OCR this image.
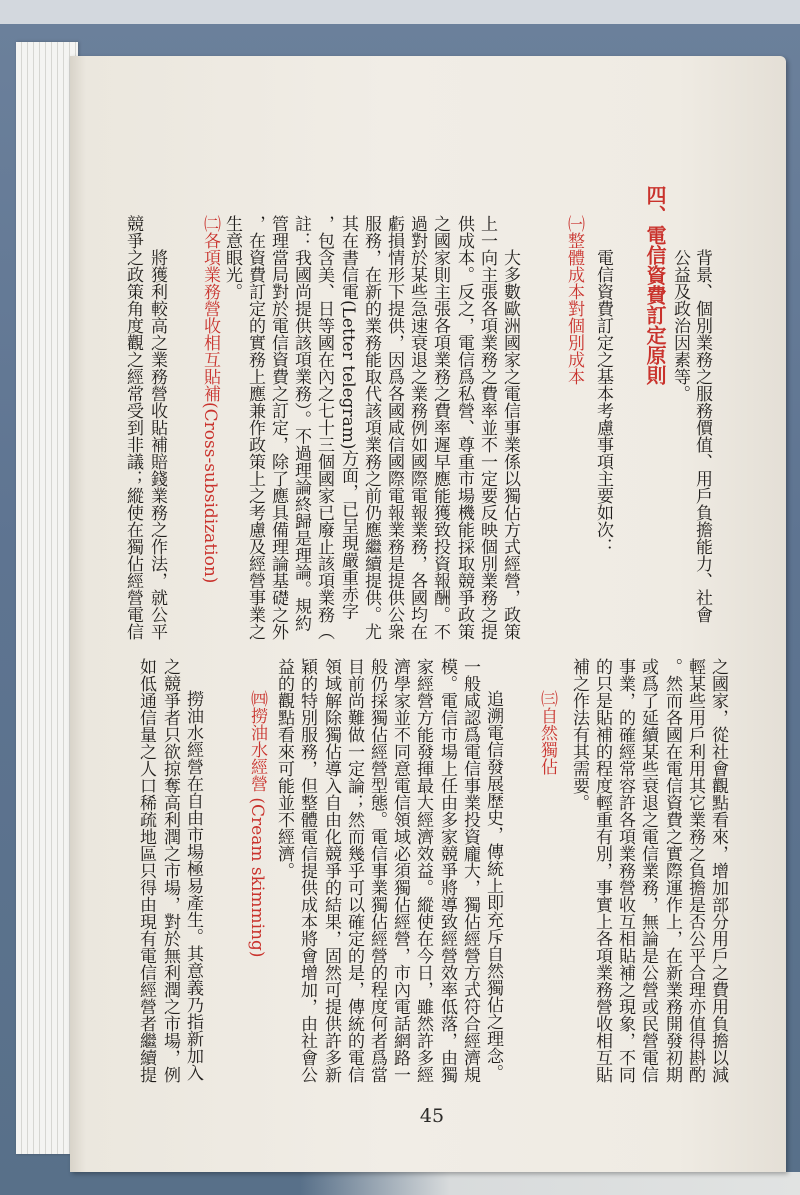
背景、個別業務之服務價值、用戶負擔能力、社會
公益及政治因素等。
四、電信資費訂定原則
電信資費訂定之基本考慮事項主要如次：
㈠整體成本對個別成本
大多數歐洲國家之電信事業係以獨佔方式經營，政策
上一向主張各項業務之費率並不一定要反映個別業務之提
供成本。反之，電信爲私營、尊重市場機能採取競爭政策
之國家則主張各項業務之費率遲早應能獲致投資報酬。不
過對於某些急速衰退之業務例如國際電報業務，各國均在
虧損情形下提供，因爲各國咸信國際電報業務是提供公衆
服務，在新的業務能取代該項業務之前仍應繼續提供。尤
其在書信電(Letter telegram)方面，已呈現嚴重赤字
，包含美、日等國在內之七十三個國家已廢止該項業務（
註：我國尚提供該項業務）。不過理論終歸是理論。規約
管理當局對於電信資費之訂定，除了應具備理論基礎之外
，在資費訂定的實務上應兼作政策上之考慮及經營事業之
生意眼光。
㈡各項業務營收相互貼補(Cross-subsidization)
將獲利較高之業務營收貼補賠錢業務之作法，就公平
競爭之政策角度觀之經常受到非議；縱使在獨佔經營電信
之國家，從社會觀點看來，增加部分用戶之費用負擔以減
輕某些用戶利用其它業務之負擔是否公平合理亦值得斟酌
。然而各國在電信資費之實際運作上，在新業務開發初期
或爲了延續某些衰退之電信業務，無論是公營或民營電信
事業，的確經常容許各項業務營收互相貼補之現象，不同
的只是貼補的程度輕重有別，事實上各項業務營收相互貼
補之作法有其需要。
㈢自然獨佔
追溯電信發展歷史，傳統上即充斥自然獨佔之理念。
一般咸認爲電信事業投資龐大，獨佔經營方式符合經濟規
模。電信市場上任由多家競爭將導致經營效率低落，由獨
家經營方能發揮最大經濟效益。縱使在今日，雖然許多經
濟學家並不同意電信領域必須獨佔經營，市內電話網路一
般仍採獨佔經營型態。電信事業獨佔經營的程度何者爲當
目前尚難做一定論；然而幾乎可以確定的是，傳統的電信
領域解除獨佔導入自由化競爭的結果，固然可提供許多新
穎的特別服務，但整體電信提供成本將會增加，由社會公
益的觀點看來可能並不經濟。
㈣撈油水經營 (Cream skimming)
撈油水經營在自由市場極易產生。其意義乃指新加入
之競爭者只欲掠奪高利潤之市場，對於無利潤之市場，例
如低通信量之人口稀疏地區只得由現有電信經營者繼續提
45
